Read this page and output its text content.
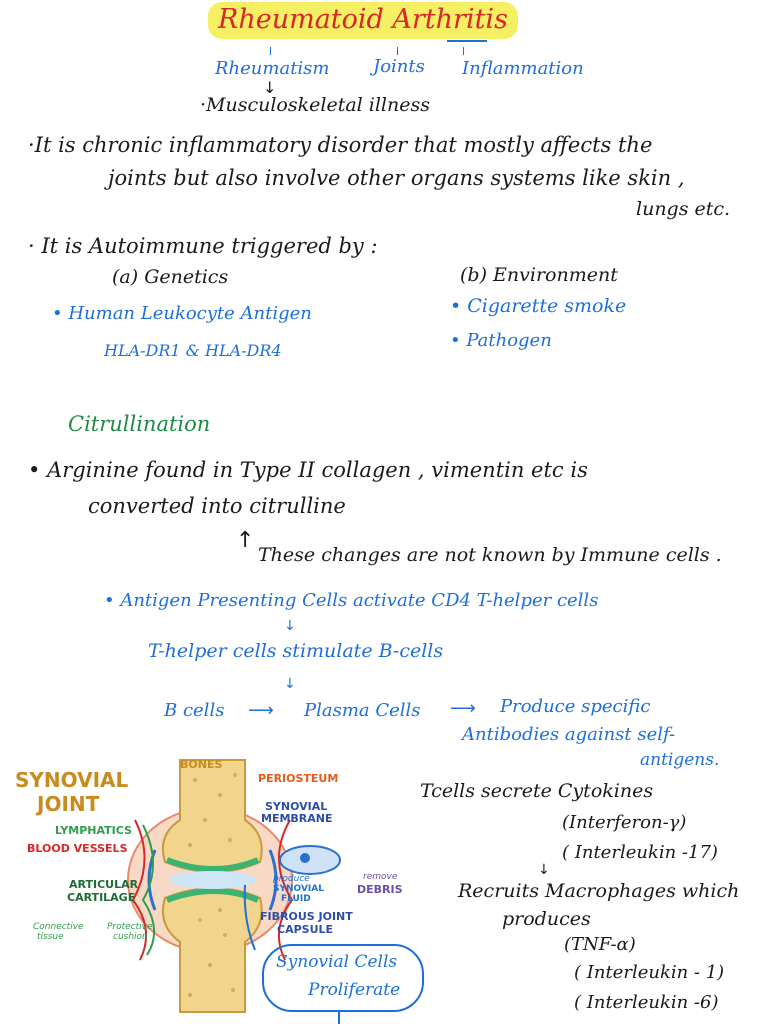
Rheumatoid Arthritis
Rheumatism Joints Inflammation
↓
·Musculoskeletal illness
·It is chronic inflammatory disorder that mostly affects the
joints but also involve other organs systems like skin ,
lungs etc.
· It is Autoimmune triggered by :
(a) Genetics	(b) Environment
• Human Leukocyte Antigen
HLA-DR1 & HLA-DR4
• Cigarette smoke
• Pathogen
Citrullination
• Arginine found in Type II collagen , vimentin etc is
converted into citrulline
↑
These changes are not known by Immune cells .
• Antigen Presenting Cells activate CD4 T-helper cells
↓
T-helper cells stimulate B-cells
↓
B cells ⟶ Plasma Cells ⟶ Produce specific
Antibodies against self-
antigens.
Tcells secrete Cytokines
(Interferon-γ)
( Interleukin -17)
↓
Recruits Macrophages which
produces
(TNF-α)
( Interleukin - 1)
( Interleukin -6)
SYNOVIAL
JOINT
BONES
PERIOSTEUM
SYNOVIAL
MEMBRANE
LYMPHATICS
BLOOD VESSELS
ARTICULAR
CARTILAGE
produce
SYNOVIAL
FLUID
remove
DEBRIS
FIBROUS JOINT
CAPSULE
Connective
tissue
Protective
cushion
Synovial Cells
Proliferate
